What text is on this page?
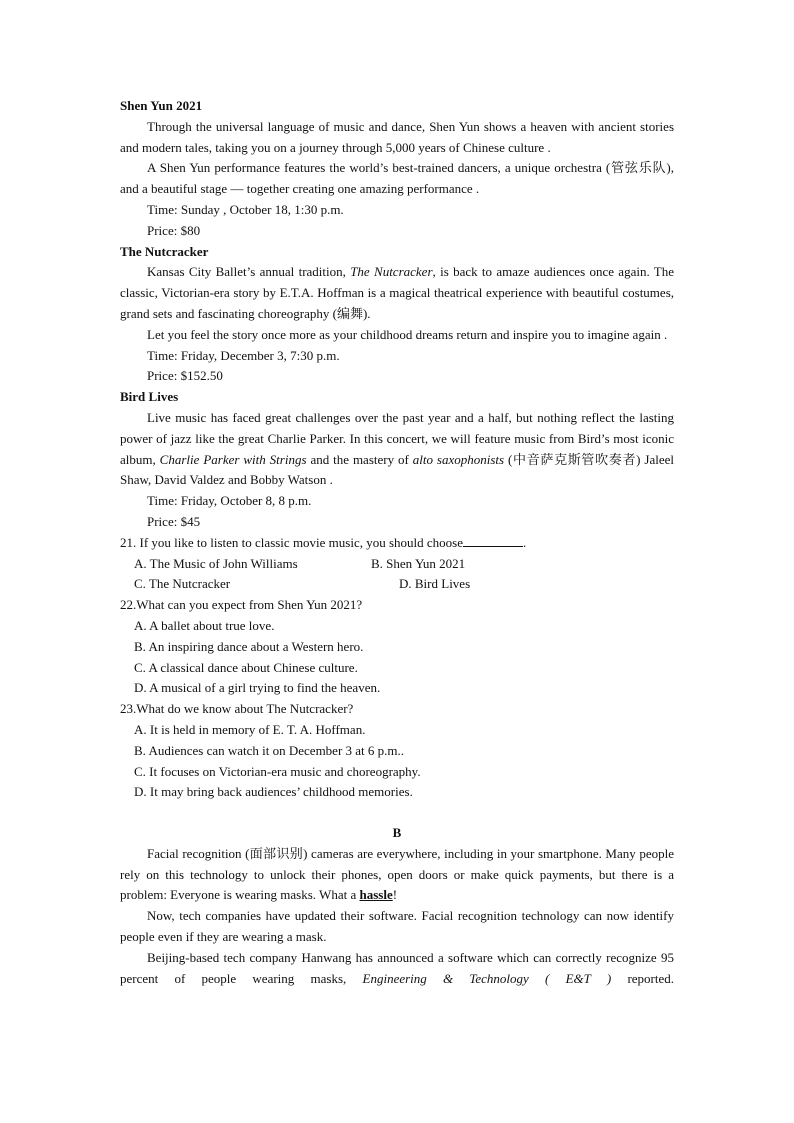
Shen Yun 2021

Through the universal language of music and dance, Shen Yun shows a heaven with ancient stories and modern tales, taking you on a journey through 5,000 years of Chinese culture .

A Shen Yun performance features the world’s best-trained dancers, a unique orchestra (管弦乐队), and a beautiful stage — together creating one amazing performance .

Time: Sunday , October 18, 1:30 p.m.

Price: $80

The Nutcracker

Kansas City Ballet’s annual tradition, The Nutcracker, is back to amaze audiences once again. The classic, Victorian-era story by E.T.A. Hoffman is a magical theatrical experience with beautiful costumes, grand sets and fascinating choreography (编舞).

Let you feel the story once more as your childhood dreams return and inspire you to imagine again .

Time: Friday, December 3, 7:30 p.m.

Price: $152.50

Bird Lives

Live music has faced great challenges over the past year and a half, but nothing reflect the lasting power of jazz like the great Charlie Parker. In this concert, we will feature music from Bird’s most iconic album, Charlie Parker with Strings and the mastery of alto saxophonists (中音萨克斯管吹奏者) Jaleel Shaw, David Valdez and Bobby Watson .

Time: Friday, October 8, 8 p.m.

Price: $45

21. If you like to listen to classic movie music, you should choose	.

A. The Music of John Williams	B. Shen Yun 2021
C. The Nutcracker	D. Bird Lives

22.What can you expect from Shen Yun 2021?

A. A ballet about true love.

B. An inspiring dance about a Western hero.

C. A classical dance about Chinese culture.

D. A musical of a girl trying to find the heaven.

23.What do we know about The Nutcracker?

A. It is held in memory of E. T. A. Hoffman.

B. Audiences can watch it on December 3 at 6 p.m..

C. It focuses on Victorian-era music and choreography.

D. It may bring back audiences’ childhood memories.

B

Facial recognition (面部识别) cameras are everywhere, including in your smartphone. Many people rely on this technology to unlock their phones, open doors or make quick payments, but there is a problem: Everyone is wearing masks. What a hassle!

Now, tech companies have updated their software. Facial recognition technology can now identify people even if they are wearing a mask.

Beijing-based tech company Hanwang has announced a software which can correctly recognize 95 percent of people wearing masks, Engineering & Technology ( E&T ) reported.
